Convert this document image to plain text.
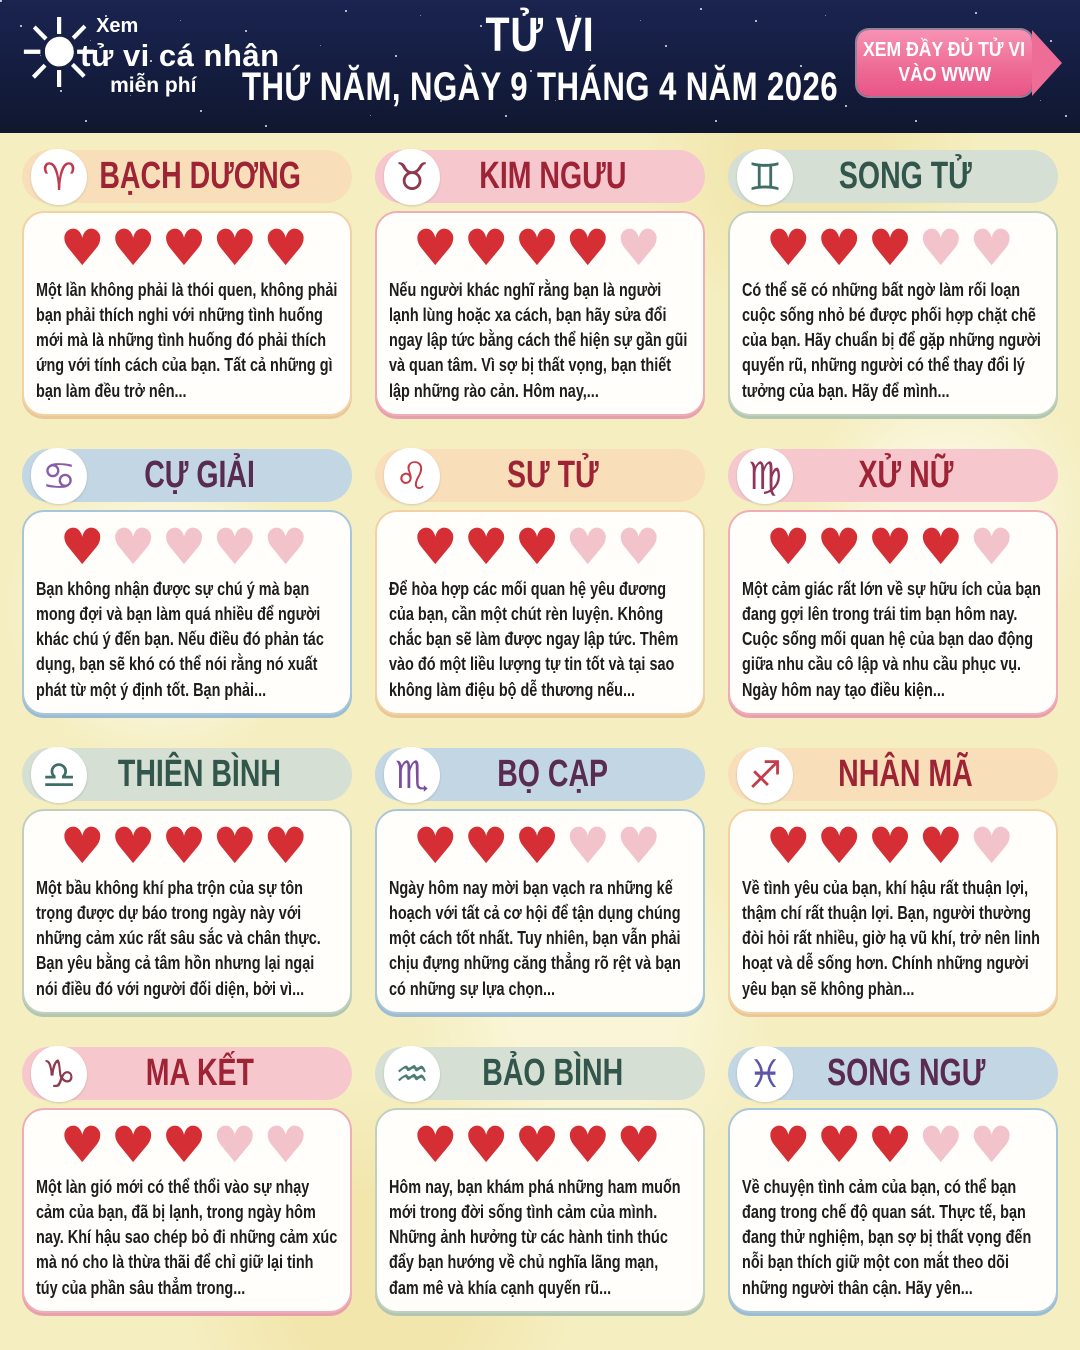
☀
Xem
tử vi cá nhân
miễn phí
TỬ VI
THỨ NĂM, NGÀY 9 THÁNG 4 NĂM 2026
XEM ĐẦY ĐỦ TỬ VI
VÀO WWW
♈ BẠCH DƯƠNG
♥♥♥♥♥

Một lần không phải là thói quen, không phải bạn phải thích nghi với những tình huống mới mà là những tình huống đó phải thích ứng với tính cách của bạn. Tất cả những gì bạn làm đều trở nên...

♉	KIM NGƯU
♥♥♥♥♥

Nếu người khác nghĩ rằng bạn là người lạnh lùng hoặc xa cách, bạn hãy sửa đổi ngay lập tức bằng cách thể hiện sự gần gũi và quan tâm. Vì sợ bị thất vọng, bạn thiết lập những rào cản. Hôm nay,...

♊	SONG TỬ
♥♥♥♥♥

Có thể sẽ có những bất ngờ làm rối loạn cuộc sống nhỏ bé được phối hợp chặt chẽ của bạn. Hãy chuẩn bị để gặp những người quyến rũ, những người có thể thay đổi lý tưởng của bạn. Hãy để mình...

♋	CỰ GIẢI
♥♥♥♥♥

Bạn không nhận được sự chú ý mà bạn mong đợi và bạn làm quá nhiều để người khác chú ý đến bạn. Nếu điều đó phản tác dụng, bạn sẽ khó có thể nói rằng nó xuất phát từ một ý định tốt. Bạn phải...

♌	SƯ TỬ
♥♥♥♥♥

Để hòa hợp các mối quan hệ yêu đương của bạn, cần một chút rèn luyện. Không chắc bạn sẽ làm được ngay lập tức. Thêm vào đó một liều lượng tự tin tốt và tại sao không làm điệu bộ dễ thương nếu...

♍	XỬ NỮ
♥♥♥♥♥

Một cảm giác rất lớn về sự hữu ích của bạn đang gợi lên trong trái tim bạn hôm nay. Cuộc sống mối quan hệ của bạn dao động giữa nhu cầu cô lập và nhu cầu phục vụ. Ngày hôm nay tạo điều kiện...

♎	THIÊN BÌNH
♥♥♥♥♥

Một bầu không khí pha trộn của sự tôn trọng được dự báo trong ngày này với những cảm xúc rất sâu sắc và chân thực. Bạn yêu bằng cả tâm hồn nhưng lại ngại nói điều đó với người đối diện, bởi vì...

♏	BỌ CẠP
♥♥♥♥♥

Ngày hôm nay mời bạn vạch ra những kế hoạch với tất cả cơ hội để tận dụng chúng một cách tốt nhất. Tuy nhiên, bạn vẫn phải chịu đựng những căng thẳng rõ rệt và bạn có những sự lựa chọn...

♐	NHÂN MÃ
♥♥♥♥♥

Về tình yêu của bạn, khí hậu rất thuận lợi, thậm chí rất thuận lợi. Bạn, người thường đòi hỏi rất nhiều, giờ hạ vũ khí, trở nên linh hoạt và dễ sống hơn. Chính những người yêu bạn sẽ không phàn...

♑	MA KẾT
♥♥♥♥♥

Một làn gió mới có thể thổi vào sự nhạy cảm của bạn, đã bị lạnh, trong ngày hôm nay. Khí hậu sao chép bỏ đi những cảm xúc mà nó cho là thừa thãi để chỉ giữ lại tinh túy của phần sâu thẳm trong...

♒	BẢO BÌNH
♥♥♥♥♥

Hôm nay, bạn khám phá những ham muốn mới trong đời sống tình cảm của mình. Những ảnh hưởng từ các hành tinh thúc đẩy bạn hướng về chủ nghĩa lãng mạn, đam mê và khía cạnh quyến rũ...

♓	SONG NGƯ
♥♥♥♥♥

Về chuyện tình cảm của bạn, có thể bạn đang trong chế độ quan sát. Thực tế, bạn đang thử nghiệm, bạn sợ bị thất vọng đến nỗi bạn thích giữ một con mắt theo dõi những người thân cận. Hãy yên...
